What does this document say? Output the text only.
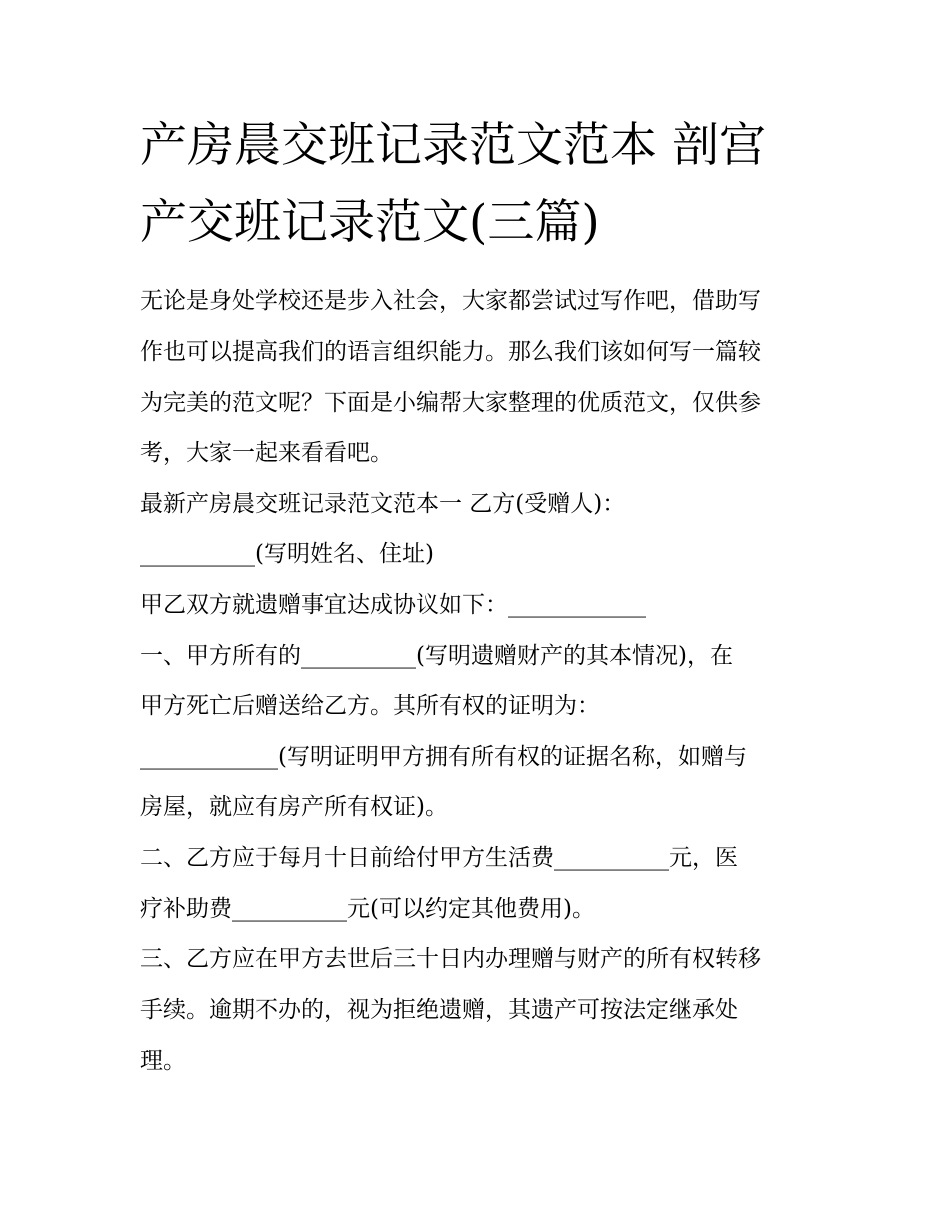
产房晨交班记录范文范本 剖宫
产交班记录范文(三篇)

无论是身处学校还是步入社会，大家都尝试过写作吧，借助写

作也可以提高我们的语言组织能力。那么我们该如何写一篇较

为完美的范文呢？下面是小编帮大家整理的优质范文，仅供参

考，大家一起来看看吧。

最新产房晨交班记录范文范本一 乙方(受赠人)：

__________(写明姓名、住址)

甲乙双方就遗赠事宜达成协议如下：____________

一、甲方所有的__________(写明遗赠财产的其本情况)，在

甲方死亡后赠送给乙方。其所有权的证明为：

____________(写明证明甲方拥有所有权的证据名称，如赠与

房屋，就应有房产所有权证)。

二、乙方应于每月十日前给付甲方生活费__________元，医

疗补助费__________元(可以约定其他费用)。

三、乙方应在甲方去世后三十日内办理赠与财产的所有权转移

手续。逾期不办的，视为拒绝遗赠，其遗产可按法定继承处

理。
